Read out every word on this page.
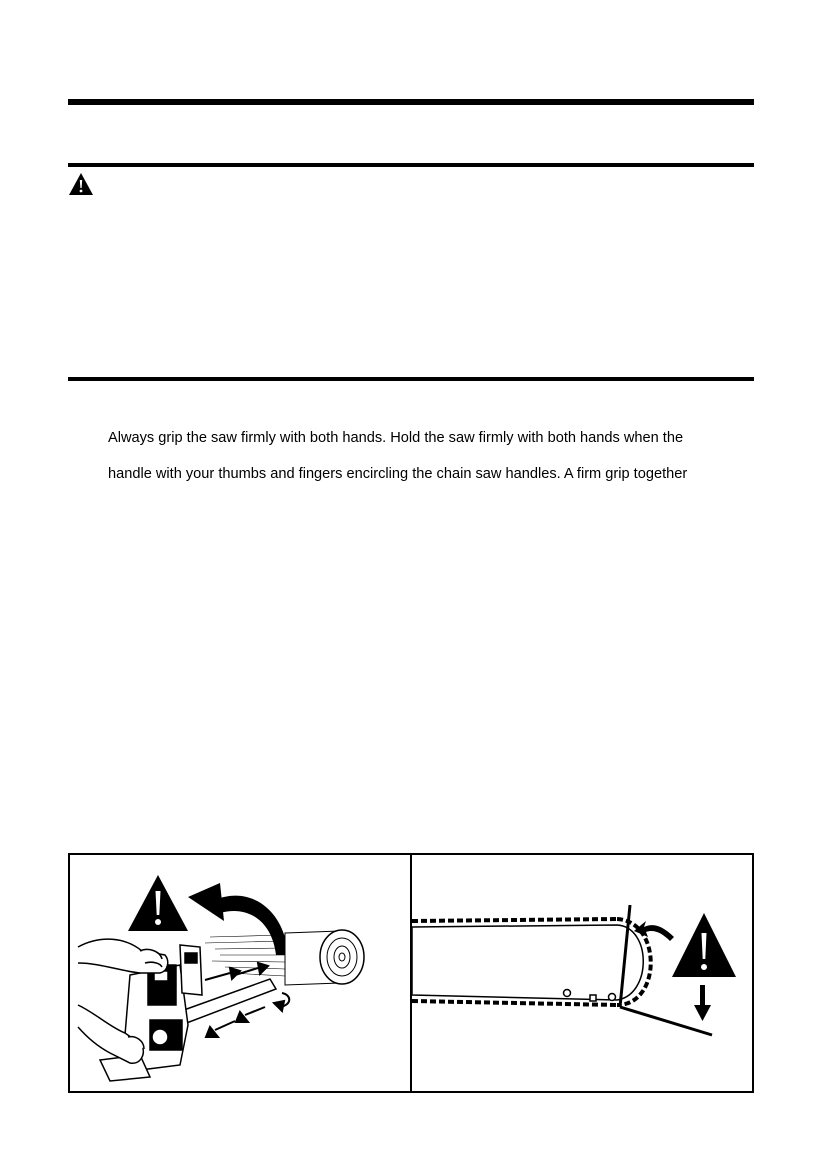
Always grip the saw firmly with both hands. Hold the saw firmly with both hands when the
handle with your thumbs and fingers encircling the chain saw handles. A firm grip together
